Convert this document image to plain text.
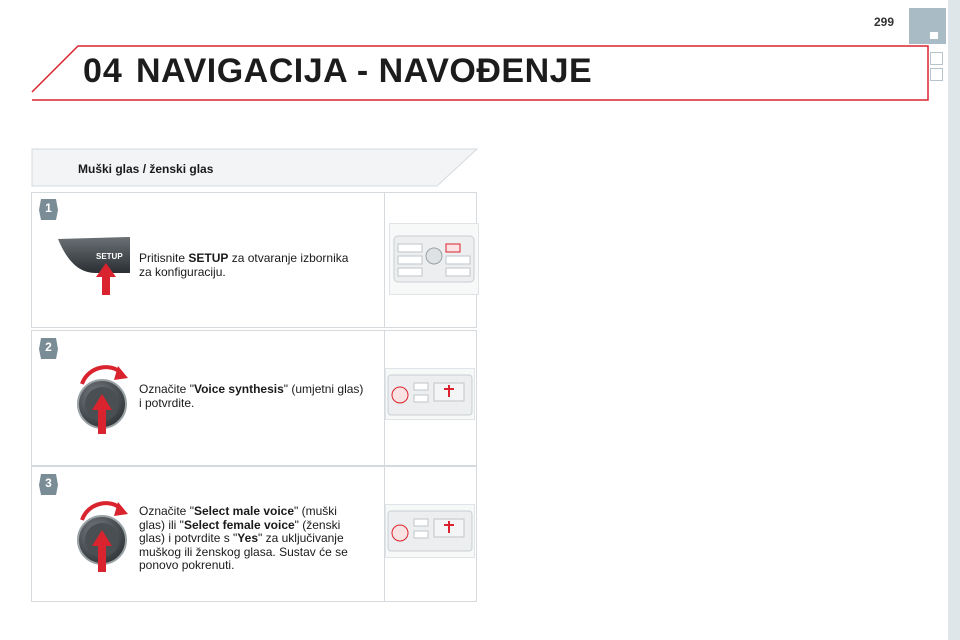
299
04 NAVIGACIJA - NAVOĐENJE
Muški glas / ženski glas
1
SETUP Pritisnite SETUP za otvaranje izbornika za konfiguraciju.
2
Označite "Voice synthesis" (umjetni glas) i potvrdite.
3
Označite "Select male voice" (muški glas) ili "Select female voice" (ženski glas) i potvrdite s "Yes" za uključivanje muškog ili ženskog glasa. Sustav će se ponovo pokrenuti.
